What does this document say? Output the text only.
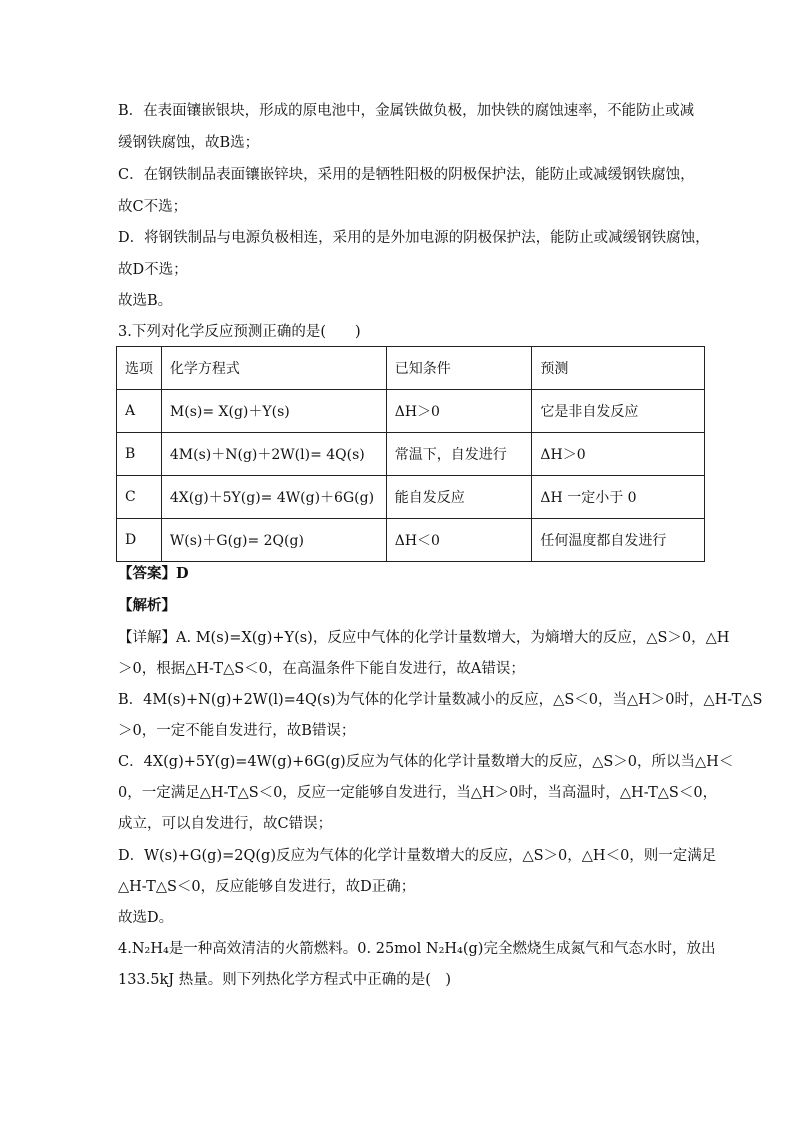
B．在表面镶嵌银块，形成的原电池中，金属铁做负极，加快铁的腐蚀速率，不能防止或减
缓钢铁腐蚀，故B选；
C．在钢铁制品表面镶嵌锌块，采用的是牺牲阳极的阴极保护法，能防止或减缓钢铁腐蚀，
故C不选；
D．将钢铁制品与电源负极相连，采用的是外加电源的阴极保护法，能防止或减缓钢铁腐蚀，
故D不选；
故选B。
3.下列对化学反应预测正确的是(　　)
选项	化学方程式	已知条件	预测
A	M(s)= X(g)＋Y(s)	ΔH＞0	它是非自发反应
B	4M(s)＋N(g)＋2W(l)= 4Q(s)	常温下，自发进行	ΔH＞0
C	4X(g)＋5Y(g)= 4W(g)＋6G(g)	能自发反应	ΔH 一定小于 0
D	W(s)＋G(g)= 2Q(g)	ΔH＜0	任何温度都自发进行
【答案】D
【解析】
【详解】A. M(s)=X(g)+Y(s)，反应中气体的化学计量数增大，为熵增大的反应，△S＞0，△H
＞0，根据△H-T△S＜0，在高温条件下能自发进行，故A错误；
B．4M(s)+N(g)+2W(l)=4Q(s)为气体的化学计量数减小的反应，△S＜0，当△H＞0时，△H-T△S
＞0，一定不能自发进行，故B错误；
C．4X(g)+5Y(g)=4W(g)+6G(g)反应为气体的化学计量数增大的反应，△S＞0，所以当△H＜
0，一定满足△H-T△S＜0，反应一定能够自发进行，当△H＞0时，当高温时，△H-T△S＜0，
成立，可以自发进行，故C错误；
D．W(s)+G(g)=2Q(g)反应为气体的化学计量数增大的反应，△S＞0，△H＜0，则一定满足
△H-T△S＜0，反应能够自发进行，故D正确；
故选D。
4.N₂H₄是一种高效清洁的火箭燃料。0. 25mol N₂H₄(g)完全燃烧生成氮气和气态水时，放出
133.5kJ 热量。则下列热化学方程式中正确的是(　)
